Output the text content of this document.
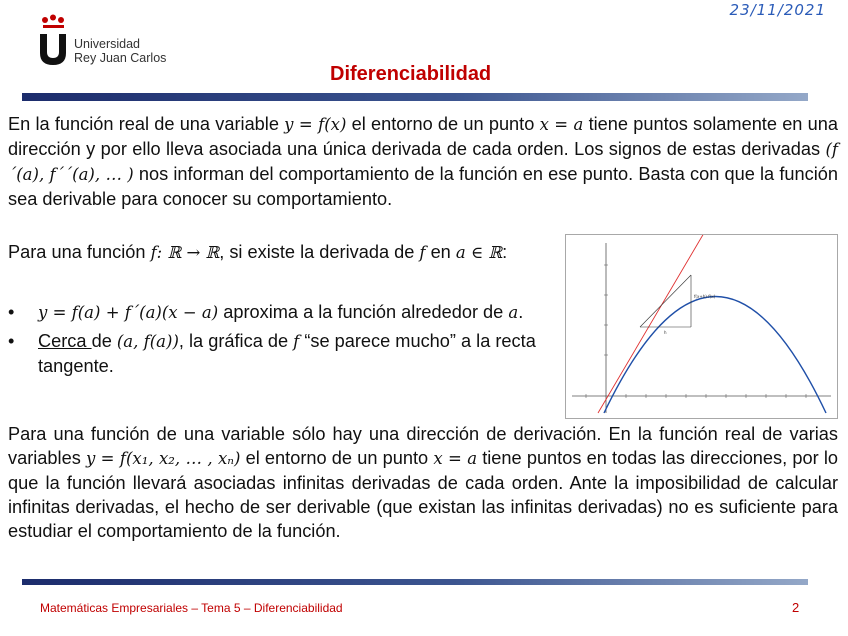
Universidad
Rey Juan Carlos
23/11/2021
Diferenciabilidad
En la función real de una variable y = f(x) el entorno de un punto x = a tiene puntos solamente en una dirección y por ello lleva asociada una única derivada de cada orden. Los signos de estas derivadas (f´(a), f´´(a), … ) nos informan del comportamiento de la función en ese punto. Basta con que la función sea derivable para conocer su comportamiento.
Para una función f: ℝ → ℝ, si existe la derivada de f en a ∈ ℝ:
• y = f(a) + f´(a)(x − a) aproxima a la función alrededor de a.
• Cerca de (a, f(a)), la gráfica de f “se parece mucho” a la recta tangente.
f(x+h)-f(x)
h
Para una función de una variable sólo hay una dirección de derivación. En la función real de varias variables y = f(x₁, x₂, … , xₙ) el entorno de un punto x = a tiene puntos en todas las direcciones, por lo que la función llevará asociadas infinitas derivadas de cada orden. Ante la imposibilidad de calcular infinitas derivadas, el hecho de ser derivable (que existan las infinitas derivadas) no es suficiente para estudiar el comportamiento de la función.
Matemáticas Empresariales – Tema 5 – Diferenciabilidad	2
